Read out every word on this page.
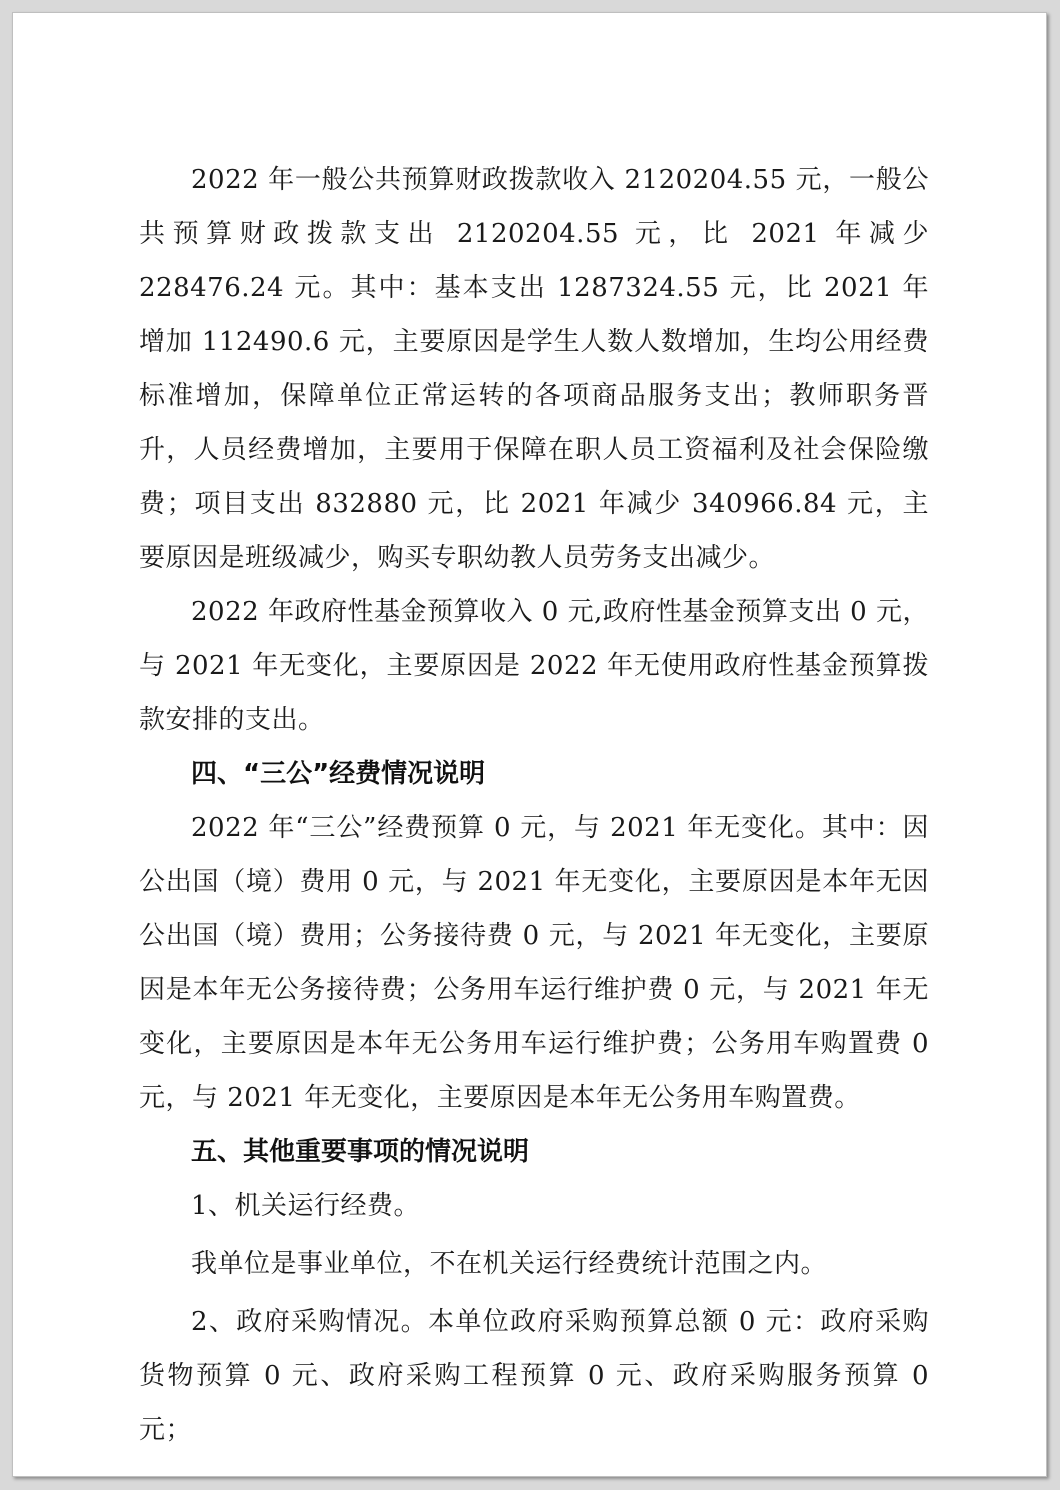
2022 年一般公共预算财政拨款收入 2120204.55 元，一般公共预算财政拨款支出 2120204.55 元，比 2021 年减少 228476.24 元。其中：基本支出 1287324.55 元，比 2021 年增加 112490.6 元，主要原因是学生人数人数增加，生均公用经费标准增加，保障单位正常运转的各项商品服务支出；教师职务晋升，人员经费增加，主要用于保障在职人员工资福利及社会保险缴费；项目支出 832880 元，比 2021 年减少 340966.84 元，主要原因是班级减少，购买专职幼教人员劳务支出减少。

2022 年政府性基金预算收入 0 元,政府性基金预算支出 0 元，与 2021 年无变化，主要原因是 2022 年无使用政府性基金预算拨款安排的支出。

四、“三公”经费情况说明

2022 年“三公”经费预算 0 元，与 2021 年无变化。其中：因公出国（境）费用 0 元，与 2021 年无变化，主要原因是本年无因公出国（境）费用；公务接待费 0 元，与 2021 年无变化，主要原因是本年无公务接待费；公务用车运行维护费 0 元，与 2021 年无变化，主要原因是本年无公务用车运行维护费；公务用车购置费 0 元，与 2021 年无变化，主要原因是本年无公务用车购置费。

五、其他重要事项的情况说明

1、机关运行经费。

我单位是事业单位，不在机关运行经费统计范围之内。

2、政府采购情况。本单位政府采购预算总额 0 元：政府采购货物预算 0 元、政府采购工程预算 0 元、政府采购服务预算 0 元；
